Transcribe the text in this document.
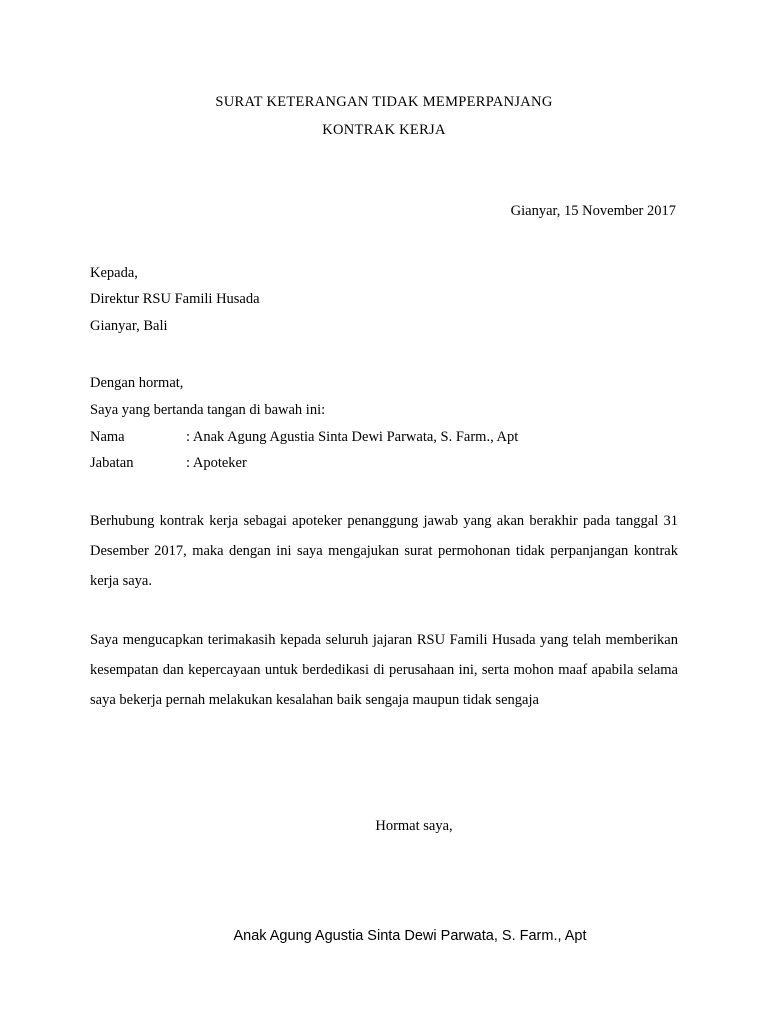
SURAT KETERANGAN TIDAK MEMPERPANJANG
KONTRAK KERJA
Gianyar, 15 November 2017
Kepada,
Direktur RSU Famili Husada
Gianyar, Bali
Dengan hormat,
Saya yang bertanda tangan di bawah ini:
Nama	: Anak Agung Agustia Sinta Dewi Parwata, S. Farm., Apt
Jabatan	: Apoteker
Berhubung kontrak kerja sebagai apoteker penanggung jawab yang akan berakhir pada tanggal 31 Desember 2017, maka dengan ini saya mengajukan surat permohonan tidak perpanjangan kontrak kerja saya.
Saya mengucapkan terimakasih kepada seluruh jajaran RSU Famili Husada yang telah memberikan kesempatan dan kepercayaan untuk berdedikasi di perusahaan ini, serta mohon maaf apabila selama saya bekerja pernah melakukan kesalahan baik sengaja maupun tidak sengaja
Hormat saya,
Anak Agung Agustia Sinta Dewi Parwata, S. Farm., Apt
